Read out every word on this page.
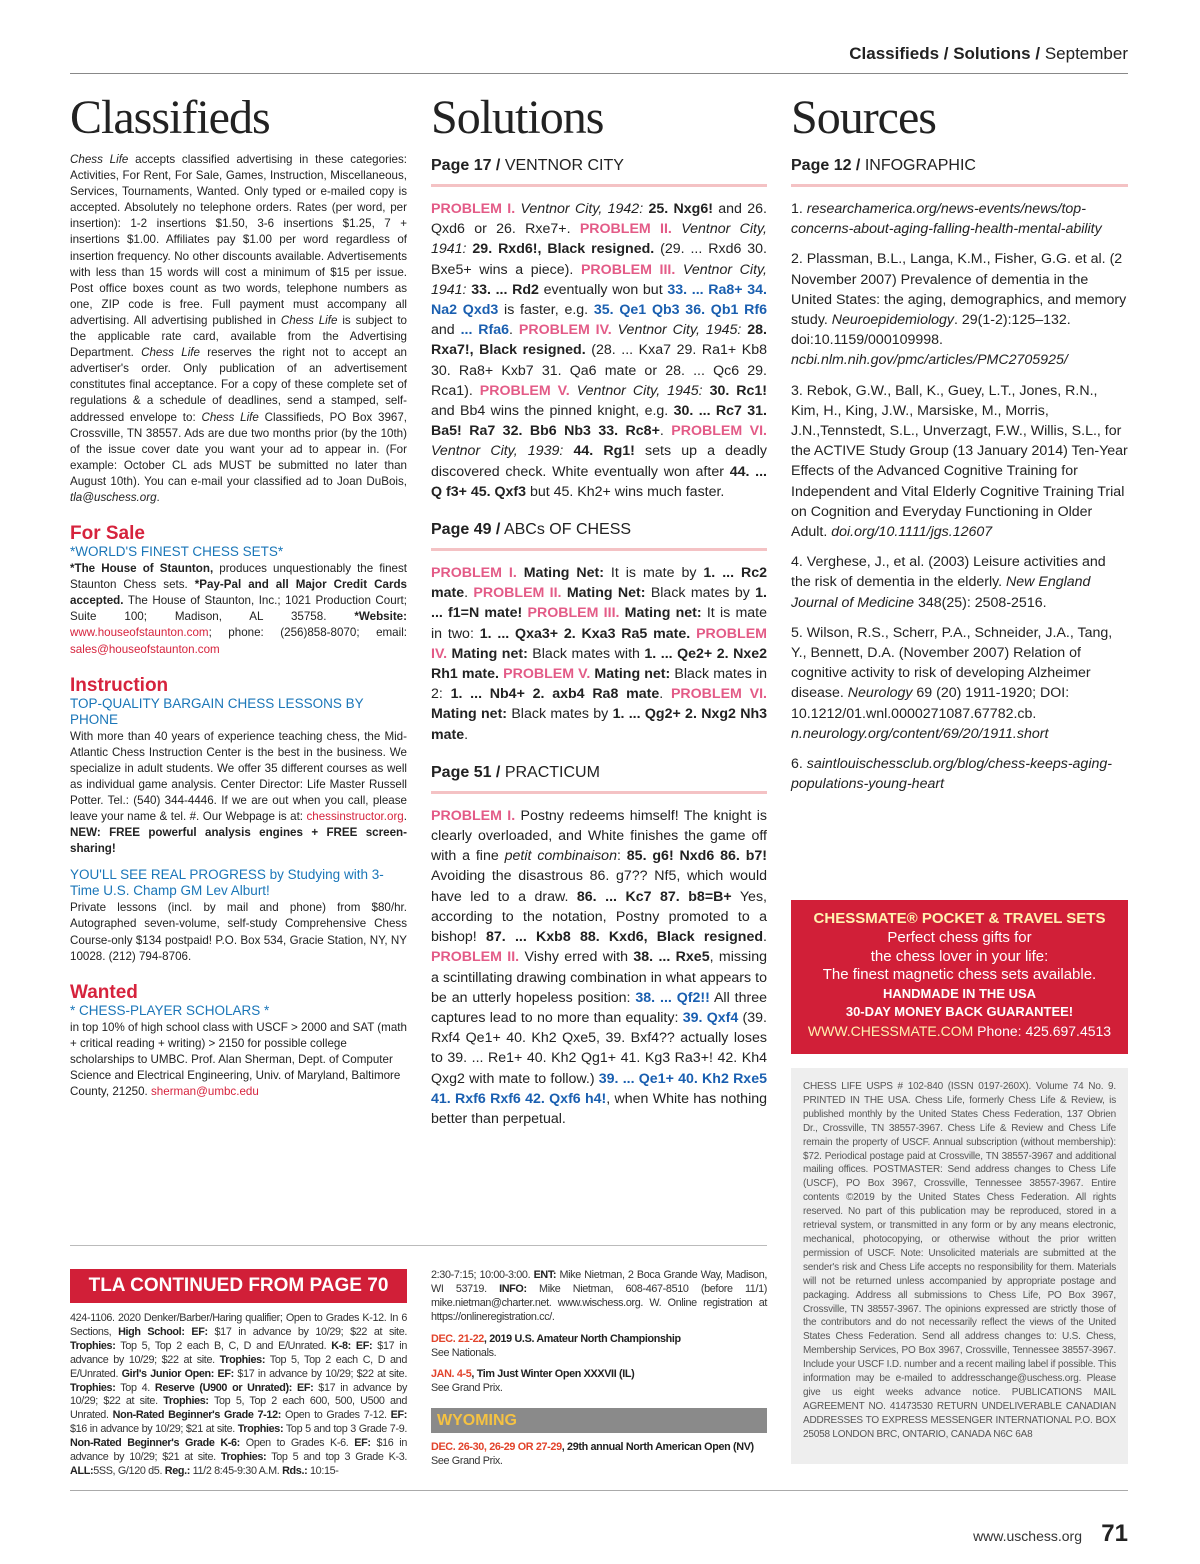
Classifieds / Solutions / September
Classifieds

Chess Life accepts classified advertising in these categories: Activities, For Rent, For Sale, Games, Instruction, Miscellaneous, Services, Tournaments, Wanted. Only typed or e-mailed copy is accepted. Absolutely no telephone orders. Rates (per word, per insertion): 1-2 insertions $1.50, 3-6 insertions $1.25, 7 + insertions $1.00. Affiliates pay $1.00 per word regardless of insertion frequency. No other discounts available. Advertisements with less than 15 words will cost a minimum of $15 per issue. Post office boxes count as two words, telephone numbers as one, ZIP code is free. Full payment must accompany all advertising. All advertising published in Chess Life is subject to the applicable rate card, available from the Advertising Department. Chess Life reserves the right not to accept an advertiser's order. Only publication of an advertisement constitutes final acceptance. For a copy of these complete set of regulations & a schedule of deadlines, send a stamped, self-addressed envelope to: Chess Life Classifieds, PO Box 3967, Crossville, TN 38557. Ads are due two months prior (by the 10th) of the issue cover date you want your ad to appear in. (For example: October CL ads MUST be submitted no later than August 10th). You can e-mail your classified ad to Joan DuBois, tla@uschess.org.

For Sale
*WORLD'S FINEST CHESS SETS*

*The House of Staunton, produces unquestionably the finest Staunton Chess sets. *Pay-Pal and all Major Credit Cards accepted. The House of Staunton, Inc.; 1021 Production Court; Suite 100; Madison, AL 35758. *Website: www.houseofstaunton.com; phone: (256)858-8070; email: sales@houseofstaunton.com

Instruction
TOP-QUALITY BARGAIN CHESS LESSONS BY PHONE

With more than 40 years of experience teaching chess, the Mid-Atlantic Chess Instruction Center is the best in the business. We specialize in adult students. We offer 35 different courses as well as individual game analysis. Center Director: Life Master Russell Potter. Tel.: (540) 344-4446. If we are out when you call, please leave your name & tel. #. Our Webpage is at: chessinstructor.org. NEW: FREE powerful analysis engines + FREE screen-sharing!

YOU'LL SEE REAL PROGRESS by Studying with 3-Time U.S. Champ GM Lev Alburt!

Private lessons (incl. by mail and phone) from $80/hr. Autographed seven-volume, self-study Comprehensive Chess Course-only $134 postpaid! P.O. Box 534, Gracie Station, NY, NY 10028. (212) 794-8706.

Wanted
* CHESS-PLAYER SCHOLARS *

in top 10% of high school class with USCF > 2000 and SAT (math + critical reading + writing) > 2150 for possible college scholarships to UMBC. Prof. Alan Sherman, Dept. of Computer Science and Electrical Engineering, Univ. of Maryland, Baltimore County, 21250. sherman@umbc.edu

Solutions
Page 17 / VENTNOR CITY

PROBLEM I. Ventnor City, 1942: 25. Nxg6! and 26. Qxd6 or 26. Rxe7+. PROBLEM II. Ventnor City, 1941: 29. Rxd6!, Black resigned. (29. ... Rxd6 30. Bxe5+ wins a piece). PROBLEM III. Ventnor City, 1941: 33. ... Rd2 eventually won but 33. ... Ra8+ 34. Na2 Qxd3 is faster, e.g. 35. Qe1 Qb3 36. Qb1 Rf6 and ... Rfa6. PROBLEM IV. Ventnor City, 1945: 28. Rxa7!, Black resigned. (28. ... Kxa7 29. Ra1+ Kb8 30. Ra8+ Kxb7 31. Qa6 mate or 28. ... Qc6 29. Rca1). PROBLEM V. Ventnor City, 1945: 30. Rc1! and Bb4 wins the pinned knight, e.g. 30. ... Rc7 31. Ba5! Ra7 32. Bb6 Nb3 33. Rc8+. PROBLEM VI. Ventnor City, 1939: 44. Rg1! sets up a deadly discovered check. White eventually won after 44. ... Q f3+ 45. Qxf3 but 45. Kh2+ wins much faster.

Page 49 / ABCs OF CHESS

PROBLEM I. Mating Net: It is mate by 1. ... Rc2 mate. PROBLEM II. Mating Net: Black mates by 1. ... f1=N mate! PROBLEM III. Mating net: It is mate in two: 1. ... Qxa3+ 2. Kxa3 Ra5 mate. PROBLEM IV. Mating net: Black mates with 1. ... Qe2+ 2. Nxe2 Rh1 mate. PROBLEM V. Mating net: Black mates in 2: 1. ... Nb4+ 2. axb4 Ra8 mate. PROBLEM VI. Mating net: Black mates by 1. ... Qg2+ 2. Nxg2 Nh3 mate.

Page 51 / PRACTICUM

PROBLEM I. Postny redeems himself! The knight is clearly overloaded, and White finishes the game off with a fine petit combinaison: 85. g6! Nxd6 86. b7! Avoiding the disastrous 86. g7?? Nf5, which would have led to a draw. 86. ... Kc7 87. b8=B+ Yes, according to the notation, Postny promoted to a bishop! 87. ... Kxb8 88. Kxd6, Black resigned. PROBLEM II. Vishy erred with 38. ... Rxe5, missing a scintillating drawing combination in what appears to be an utterly hopeless position: 38. ... Qf2!! All three captures lead to no more than equality: 39. Qxf4 (39. Rxf4 Qe1+ 40. Kh2 Qxe5, 39. Bxf4?? actually loses to 39. ... Re1+ 40. Kh2 Qg1+ 41. Kg3 Ra3+! 42. Kh4 Qxg2 with mate to follow.) 39. ... Qe1+ 40. Kh2 Rxe5 41. Rxf6 Rxf6 42. Qxf6 h4!, when White has nothing better than perpetual.

Sources
Page 12 / INFOGRAPHIC

1. researchamerica.org/news-events/news/top-concerns-about-aging-falling-health-mental-ability

2. Plassman, B.L., Langa, K.M., Fisher, G.G. et al. (2 November 2007) Prevalence of dementia in the United States: the aging, demographics, and memory study. Neuroepidemiology. 29(1-2):125–132. doi:10.1159/000109998. ncbi.nlm.nih.gov/pmc/articles/PMC2705925/

3. Rebok, G.W., Ball, K., Guey, L.T., Jones, R.N., Kim, H., King, J.W., Marsiske, M., Morris, J.N.,Tennstedt, S.L., Unverzagt, F.W., Willis, S.L., for the ACTIVE Study Group (13 January 2014) Ten-Year Effects of the Advanced Cognitive Training for Independent and Vital Elderly Cognitive Training Trial on Cognition and Everyday Functioning in Older Adult. doi.org/10.1111/jgs.12607

4. Verghese, J., et al. (2003) Leisure activities and the risk of dementia in the elderly. New England Journal of Medicine 348(25): 2508-2516.

5. Wilson, R.S., Scherr, P.A., Schneider, J.A., Tang, Y., Bennett, D.A. (November 2007) Relation of cognitive activity to risk of developing Alzheimer disease. Neurology 69 (20) 1911-1920; DOI: 10.1212/01.wnl.0000271087.67782.cb. n.neurology.org/content/69/20/1911.short

6. saintlouischessclub.org/blog/chess-keeps-aging-populations-young-heart

CHESSMATE® POCKET & TRAVEL SETS
Perfect chess gifts for
the chess lover in your life:
The finest magnetic chess sets available.
HANDMADE IN THE USA
30-DAY MONEY BACK GUARANTEE!
WWW.CHESSMATE.COM Phone: 425.697.4513
CHESS LIFE USPS # 102-840 (ISSN 0197-260X). Volume 74 No. 9. PRINTED IN THE USA. Chess Life, formerly Chess Life & Review, is published monthly by the United States Chess Federation, 137 Obrien Dr., Crossville, TN 38557-3967. Chess Life & Review and Chess Life remain the property of USCF. Annual subscription (without membership): $72. Periodical postage paid at Crossville, TN 38557-3967 and additional mailing offices. POSTMASTER: Send address changes to Chess Life (USCF), PO Box 3967, Crossville, Tennessee 38557-3967. Entire contents ©2019 by the United States Chess Federation. All rights reserved. No part of this publication may be reproduced, stored in a retrieval system, or transmitted in any form or by any means electronic, mechanical, photocopying, or otherwise without the prior written permission of USCF. Note: Unsolicited materials are submitted at the sender's risk and Chess Life accepts no responsibility for them. Materials will not be returned unless accompanied by appropriate postage and packaging. Address all submissions to Chess Life, PO Box 3967, Crossville, TN 38557-3967. The opinions expressed are strictly those of the contributors and do not necessarily reflect the views of the United States Chess Federation. Send all address changes to: U.S. Chess, Membership Services, PO Box 3967, Crossville, Tennessee 38557-3967. Include your USCF I.D. number and a recent mailing label if possible. This information may be e-mailed to addresschange@uschess.org. Please give us eight weeks advance notice. PUBLICATIONS MAIL AGREEMENT NO. 41473530 RETURN UNDELIVERABLE CANADIAN ADDRESSES TO EXPRESS MESSENGER INTERNATIONAL P.O. BOX 25058 LONDON BRC, ONTARIO, CANADA N6C 6A8
TLA CONTINUED FROM PAGE 70

424-1106. 2020 Denker/Barber/Haring qualifier; Open to Grades K-12. In 6 Sections, High School: EF: $17 in advance by 10/29; $22 at site. Trophies: Top 5, Top 2 each B, C, D and E/Unrated. K-8: EF: $17 in advance by 10/29; $22 at site. Trophies: Top 5, Top 2 each C, D and E/Unrated. Girl's Junior Open: EF: $17 in advance by 10/29; $22 at site. Trophies: Top 4. Reserve (U900 or Unrated): EF: $17 in advance by 10/29; $22 at site. Trophies: Top 5, Top 2 each 600, 500, U500 and Unrated. Non-Rated Beginner's Grade 7-12: Open to Grades 7-12. EF: $16 in advance by 10/29; $21 at site. Trophies: Top 5 and top 3 Grade 7-9. Non-Rated Beginner's Grade K-6: Open to Grades K-6. EF: $16 in advance by 10/29; $21 at site. Trophies: Top 5 and top 3 Grade K-3. ALL:5SS, G/120 d5. Reg.: 11/2 8:45-9:30 A.M. Rds.: 10:15-

2:30-7:15; 10:00-3:00. ENT: Mike Nietman, 2 Boca Grande Way, Madison, WI 53719. INFO: Mike Nietman, 608-467-8510 (before 11/1) mike.nietman@charter.net. www.wischess.org. W. Online registration at https://onlineregistration.cc/.

DEC. 21-22, 2019 U.S. Amateur North Championship
See Nationals.

JAN. 4-5, Tim Just Winter Open XXXVII (IL)
See Grand Prix.

WYOMING

DEC. 26-30, 26-29 OR 27-29, 29th annual North American Open (NV)
See Grand Prix.

www.uschess.org 71
